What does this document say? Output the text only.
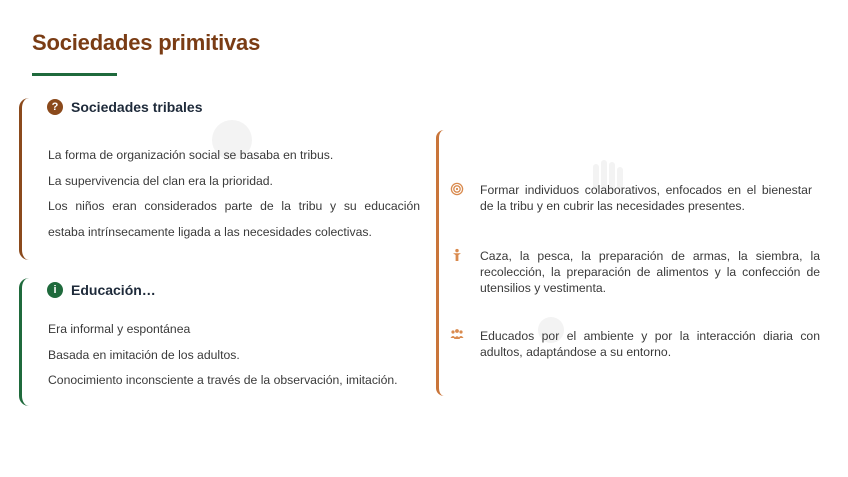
Sociedades primitivas
? Sociedades tribales

La forma de organización social se basaba en tribus.

La supervivencia del clan era la prioridad.

Los niños eran considerados parte de la tribu y su educación

estaba intrínsecamente ligada a las necesidades colectivas.

i	Educación…

Era informal y espontánea

Basada en imitación de los adultos.

Conocimiento inconsciente a través de la observación, imitación.

Formar individuos colaborativos, enfocados en el bienestar de la tribu y en cubrir las necesidades presentes.
Caza, la pesca, la preparación de armas, la siembra, la recolección, la preparación de alimentos y la confección de utensilios y vestimenta.
Educados por el ambiente y por la interacción diaria con adultos, adaptándose a su entorno.
